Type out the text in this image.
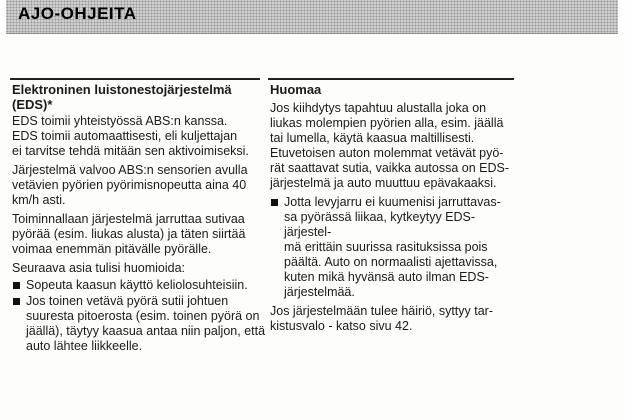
AJO-OHJEITA

Elektroninen luistonestojärjestelmä
(EDS)*

EDS toimii yhteistyössä ABS:n kanssa.
EDS toimii automaattisesti, eli kuljettajan
ei tarvitse tehdä mitään sen aktivoimiseksi.

Järjestelmä valvoo ABS:n sensorien avulla
vetävien pyörien pyörimisnopeutta aina 40
km/h asti.

Toiminnallaan järjestelmä jarruttaa sutivaa
pyörää (esim. liukas alusta) ja täten siirtää
voimaa enemmän pitävälle pyörälle.

Seuraava asia tulisi huomioida:

Sopeuta kaasun käyttö keliolosuhteisiin.
Jos toinen vetävä pyörä sutii johtuen
suuresta pitoerosta (esim. toinen pyörä on
jäällä), täytyy kaasua antaa niin paljon, että
auto lähtee liikkeelle.

Huomaa

Jos kiihdytys tapahtuu alustalla joka on
liukas molempien pyörien alla, esim. jäällä
tai lumella, käytä kaasua maltillisesti.
Etuvetoisen auton molemmat vetävät pyö-
rät saattavat sutia, vaikka autossa on EDS-
järjestelmä ja auto muuttuu epävakaaksi.

Jotta levyjarru ei kuumenisi jarruttavas-
sa pyörässä liikaa, kytkeytyy EDS-järjestel-
mä erittäin suurissa rasituksissa pois
päältä. Auto on normaalisti ajettavissa,
kuten mikä hyvänsä auto ilman EDS-
järjestelmää.

Jos järjestelmään tulee häiriö, syttyy tar-
kistusvalo - katso sivu 42.
